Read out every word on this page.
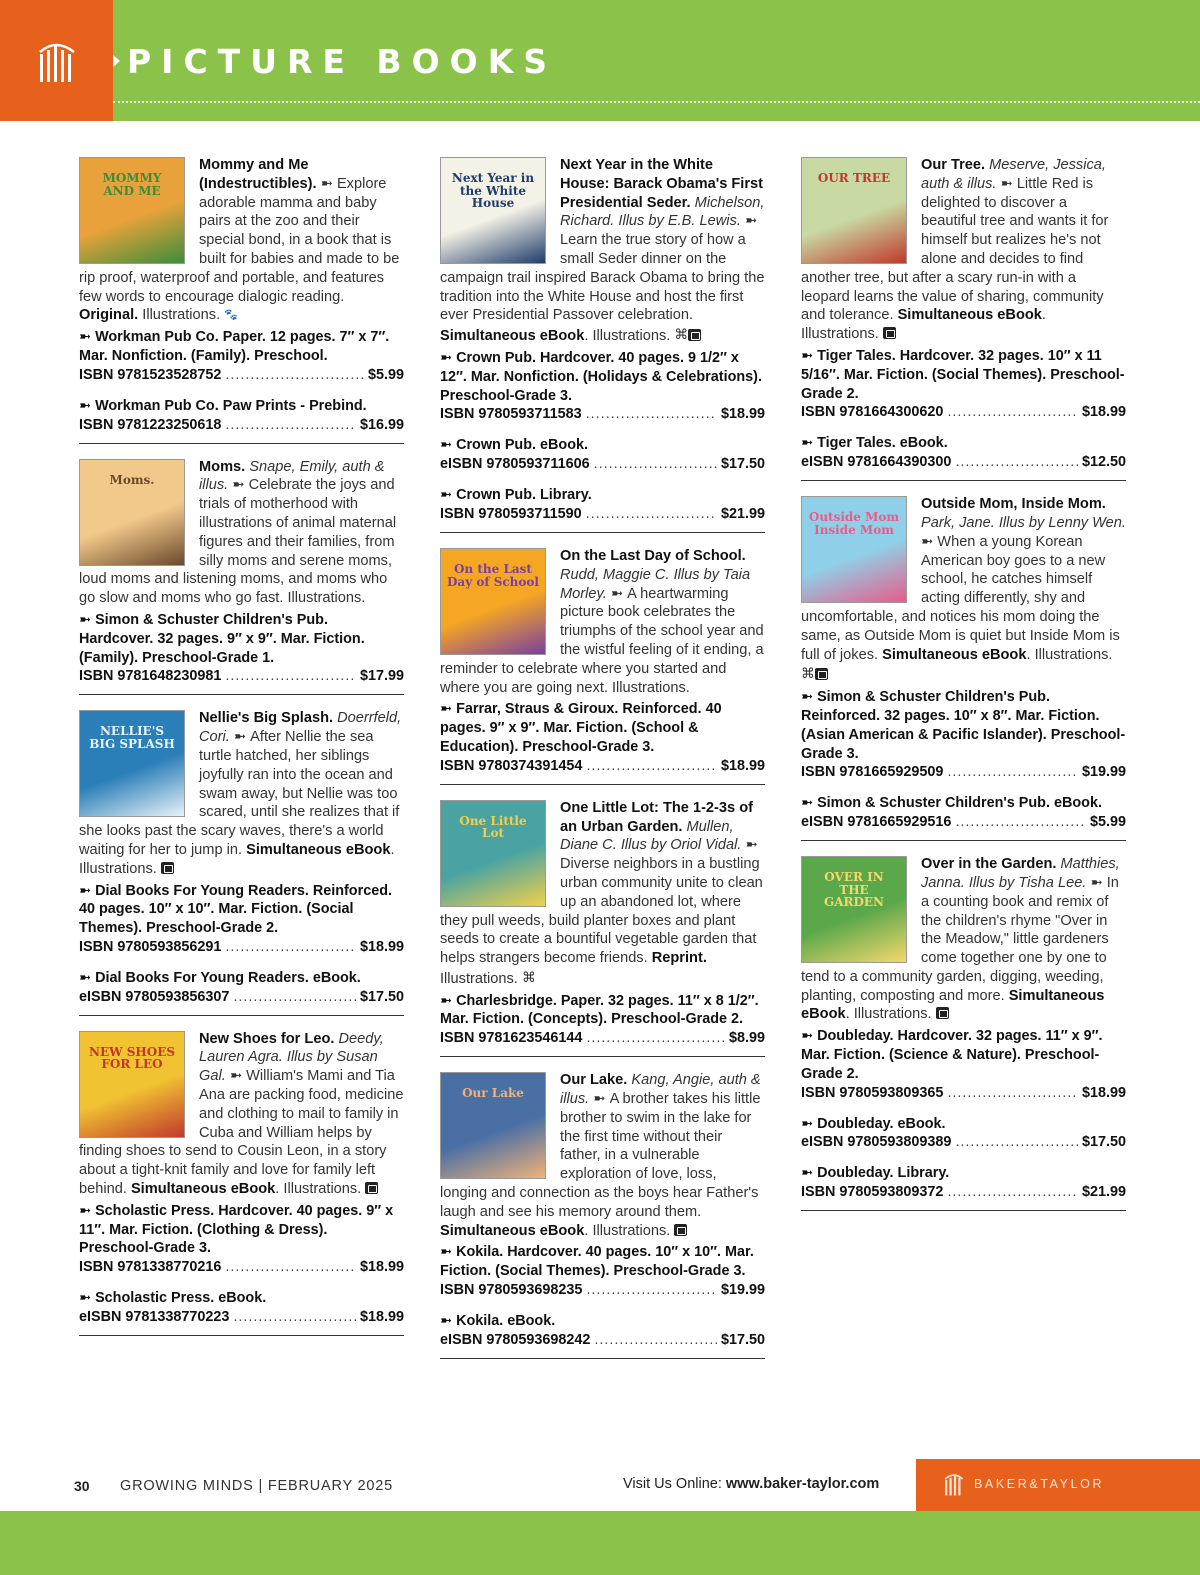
PICTURE BOOKS
MOMMY AND ME
Mommy and Me (Indestructibles). ➼ Explore adorable mamma and baby pairs at the zoo and their special bond, in a book that is built for babies and made to be rip proof, waterproof and portable, and features few words to encourage dialogic reading. Original. Illustrations. 🐾
➼ Workman Pub Co. Paper. 12 pages. 7″ x 7″. Mar. Nonfiction. (Family). Preschool.
ISBN 9781523528752 .....	$5.99
➼ Workman Pub Co. Paw Prints - Prebind.
ISBN 9781223250618 .....	$16.99
Moms.
Moms. Snape, Emily, auth & illus. ➼ Celebrate the joys and trials of motherhood with illustrations of animal maternal figures and their families, from silly moms and serene moms, loud moms and listening moms, and moms who go slow and moms who go fast. Illustrations.
➼ Simon & Schuster Children's Pub. Hardcover. 32 pages. 9″ x 9″. Mar. Fiction. (Family). Preschool-Grade 1.
ISBN 9781648230981 .....	$17.99
NELLIE'S BIG SPLASH
Nellie's Big Splash. Doerrfeld, Cori. ➼ After Nellie the sea turtle hatched, her siblings joyfully ran into the ocean and swam away, but Nellie was too scared, until she realizes that if she looks past the scary waves, there's a world waiting for her to jump in. Simultaneous eBook. Illustrations.
➼ Dial Books For Young Readers. Reinforced. 40 pages. 10″ x 10″. Mar. Fiction. (Social Themes). Preschool-Grade 2.
ISBN 9780593856291 .....	$18.99
➼ Dial Books For Young Readers. eBook.
eISBN 9780593856307 .....	$17.50
NEW SHOES FOR LEO
New Shoes for Leo. Deedy, Lauren Agra. Illus by Susan Gal. ➼ William's Mami and Tia Ana are packing food, medicine and clothing to mail to family in Cuba and William helps by finding shoes to send to Cousin Leon, in a story about a tight-knit family and love for family left behind. Simultaneous eBook. Illustrations.
➼ Scholastic Press. Hardcover. 40 pages. 9″ x 11″. Mar. Fiction. (Clothing & Dress). Preschool-Grade 3.
ISBN 9781338770216 .....	$18.99
➼ Scholastic Press. eBook.
eISBN 9781338770223 .....	$18.99
Next Year in the White House
Next Year in the White House: Barack Obama's First Presidential Seder. Michelson, Richard. Illus by E.B. Lewis. ➼ Learn the true story of how a small Seder dinner on the campaign trail inspired Barack Obama to bring the tradition into the White House and host the first ever Presidential Passover celebration. Simultaneous eBook. Illustrations. ⌘
➼ Crown Pub. Hardcover. 40 pages. 9 1/2″ x 12″. Mar. Nonfiction. (Holidays & Celebrations). Preschool-Grade 3.
ISBN 9780593711583 .....	$18.99
➼ Crown Pub. eBook.
eISBN 9780593711606 .....	$17.50
➼ Crown Pub. Library.
ISBN 9780593711590 .....	$21.99
On the Last Day of School
On the Last Day of School. Rudd, Maggie C. Illus by Taia Morley. ➼ A heartwarming picture book celebrates the triumphs of the school year and the wistful feeling of it ending, a reminder to celebrate where you started and where you are going next. Illustrations.
➼ Farrar, Straus & Giroux. Reinforced. 40 pages. 9″ x 9″. Mar. Fiction. (School & Education). Preschool-Grade 3.
ISBN 9780374391454 .....	$18.99
One Little Lot
One Little Lot: The 1-2-3s of an Urban Garden. Mullen, Diane C. Illus by Oriol Vidal. ➼ Diverse neighbors in a bustling urban community unite to clean up an abandoned lot, where they pull weeds, build planter boxes and plant seeds to create a bountiful vegetable garden that helps strangers become friends. Reprint. Illustrations. ⌘
➼ Charlesbridge. Paper. 32 pages. 11″ x 8 1/2″. Mar. Fiction. (Concepts). Preschool-Grade 2.
ISBN 9781623546144 .....	$8.99
Our Lake
Our Lake. Kang, Angie, auth & illus. ➼ A brother takes his little brother to swim in the lake for the first time without their father, in a vulnerable exploration of love, loss, longing and connection as the boys hear Father's laugh and see his memory around them. Simultaneous eBook. Illustrations.
➼ Kokila. Hardcover. 40 pages. 10″ x 10″. Mar. Fiction. (Social Themes). Preschool-Grade 3.
ISBN 9780593698235 .....	$19.99
➼ Kokila. eBook.
eISBN 9780593698242 .....	$17.50
OUR TREE
Our Tree. Meserve, Jessica, auth & illus. ➼ Little Red is delighted to discover a beautiful tree and wants it for himself but realizes he's not alone and decides to find another tree, but after a scary run-in with a leopard learns the value of sharing, community and tolerance. Simultaneous eBook. Illustrations.
➼ Tiger Tales. Hardcover. 32 pages. 10″ x 11 5/16″. Mar. Fiction. (Social Themes). Preschool-Grade 2.
ISBN 9781664300620 .....	$18.99
➼ Tiger Tales. eBook.
eISBN 9781664390300 .....	$12.50
Outside Mom Inside Mom
Outside Mom, Inside Mom. Park, Jane. Illus by Lenny Wen. ➼ When a young Korean American boy goes to a new school, he catches himself acting differently, shy and uncomfortable, and notices his mom doing the same, as Outside Mom is quiet but Inside Mom is full of jokes. Simultaneous eBook. Illustrations. ⌘
➼ Simon & Schuster Children's Pub. Reinforced. 32 pages. 10″ x 8″. Mar. Fiction. (Asian American & Pacific Islander). Preschool-Grade 3.
ISBN 9781665929509 .....	$19.99
➼ Simon & Schuster Children's Pub. eBook.
eISBN 9781665929516 .....	$5.99
OVER IN THE GARDEN
Over in the Garden. Matthies, Janna. Illus by Tisha Lee. ➼ In a counting book and remix of the children's rhyme "Over in the Meadow," little gardeners come together one by one to tend to a community garden, digging, weeding, planting, composting and more. Simultaneous eBook. Illustrations.
➼ Doubleday. Hardcover. 32 pages. 11″ x 9″. Mar. Fiction. (Science & Nature). Preschool-Grade 2.
ISBN 9780593809365 .....	$18.99
➼ Doubleday. eBook.
eISBN 9780593809389 .....	$17.50
➼ Doubleday. Library.
ISBN 9780593809372 .....	$21.99
30 GROWING MINDS | FEBRUARY 2025	Visit Us Online: www.baker-taylor.com	BAKER&TAYLOR
